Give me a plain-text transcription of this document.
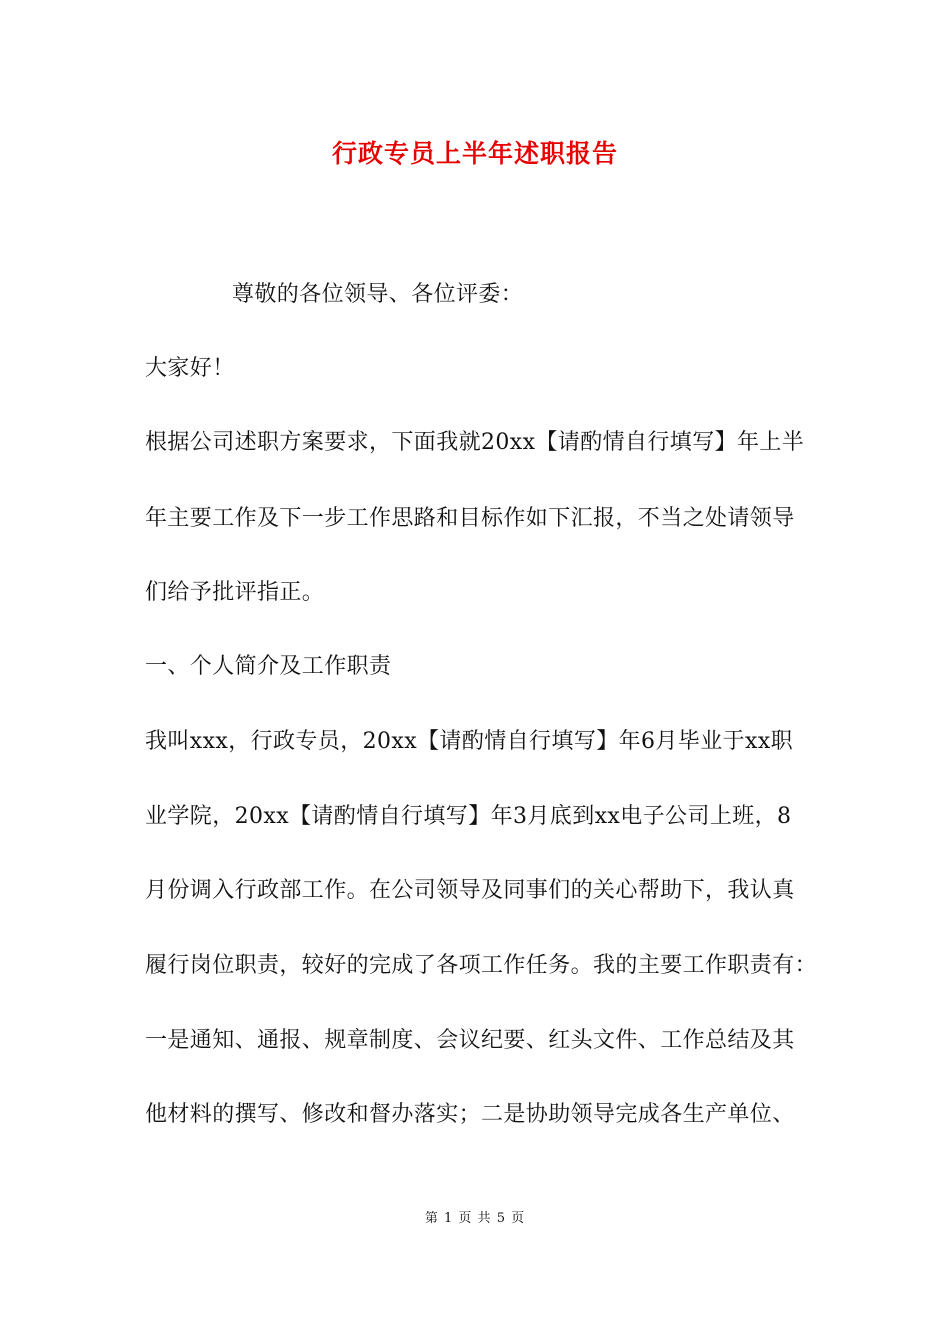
行政专员上半年述职报告
尊敬的各位领导、各位评委：
大家好！
根据公司述职方案要求，下面我就20xx【请酌情自行填写】年上半
年主要工作及下一步工作思路和目标作如下汇报，不当之处请领导
们给予批评指正。
一、个人简介及工作职责
我叫xxx，行政专员，20xx【请酌情自行填写】年6月毕业于xx职
业学院，20xx【请酌情自行填写】年3月底到xx电子公司上班，8
月份调入行政部工作。在公司领导及同事们的关心帮助下，我认真
履行岗位职责，较好的完成了各项工作任务。我的主要工作职责有：
一是通知、通报、规章制度、会议纪要、红头文件、工作总结及其
他材料的撰写、修改和督办落实；二是协助领导完成各生产单位、
第 1 页 共 5 页
